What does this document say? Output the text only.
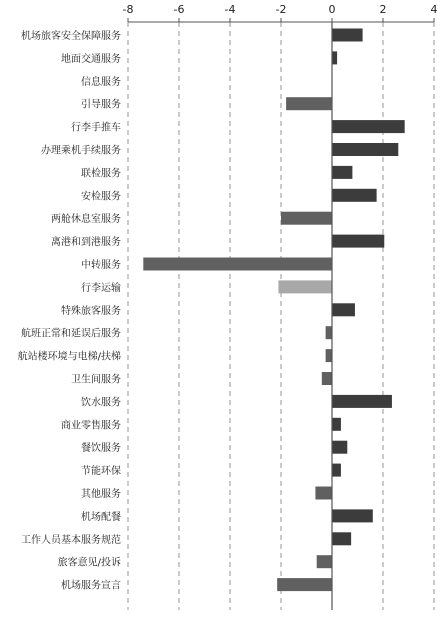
-8	-6	-4	-2	0	2	4
机场旅客安全保障服务
地面交通服务
信息服务
引导服务
行李手推车
办理乘机手续服务
联检服务
安检服务
两舱休息室服务
离港和到港服务
中转服务
行李运输
特殊旅客服务
航班正常和延误后服务
航站楼环境与电梯/扶梯
卫生间服务
饮水服务
商业零售服务
餐饮服务
节能环保
其他服务
机场配餐
工作人员基本服务规范
旅客意见/投诉
机场服务宣言
